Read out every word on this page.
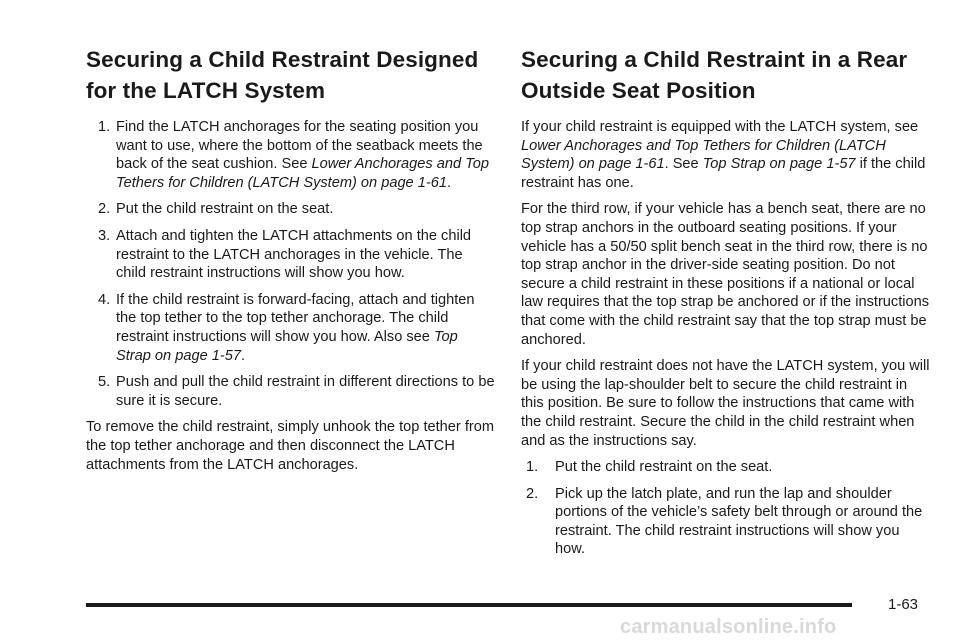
Securing a Child Restraint Designed for the LATCH System
1. Find the LATCH anchorages for the seating position you want to use, where the bottom of the seatback meets the back of the seat cushion. See Lower Anchorages and Top Tethers for Children (LATCH System) on page 1-61.
2. Put the child restraint on the seat.
3. Attach and tighten the LATCH attachments on the child restraint to the LATCH anchorages in the vehicle. The child restraint instructions will show you how.
4. If the child restraint is forward-facing, attach and tighten the top tether to the top tether anchorage. The child restraint instructions will show you how. Also see Top Strap on page 1-57.
5. Push and pull the child restraint in different directions to be sure it is secure.

To remove the child restraint, simply unhook the top tether from the top tether anchorage and then disconnect the LATCH attachments from the LATCH anchorages.

Securing a Child Restraint in a Rear Outside Seat Position

If your child restraint is equipped with the LATCH system, see Lower Anchorages and Top Tethers for Children (LATCH System) on page 1-61. See Top Strap on page 1-57 if the child restraint has one.

For the third row, if your vehicle has a bench seat, there are no top strap anchors in the outboard seating positions. If your vehicle has a 50/50 split bench seat in the third row, there is no top strap anchor in the driver-side seating position. Do not secure a child restraint in these positions if a national or local law requires that the top strap be anchored or if the instructions that come with the child restraint say that the top strap must be anchored.

If your child restraint does not have the LATCH system, you will be using the lap-shoulder belt to secure the child restraint in this position. Be sure to follow the instructions that came with the child restraint. Secure the child in the child restraint when and as the instructions say.

1. Put the child restraint on the seat.
2. Pick up the latch plate, and run the lap and shoulder portions of the vehicle’s safety belt through or around the restraint. The child restraint instructions will show you how.
1-63
carmanualsonline.info
